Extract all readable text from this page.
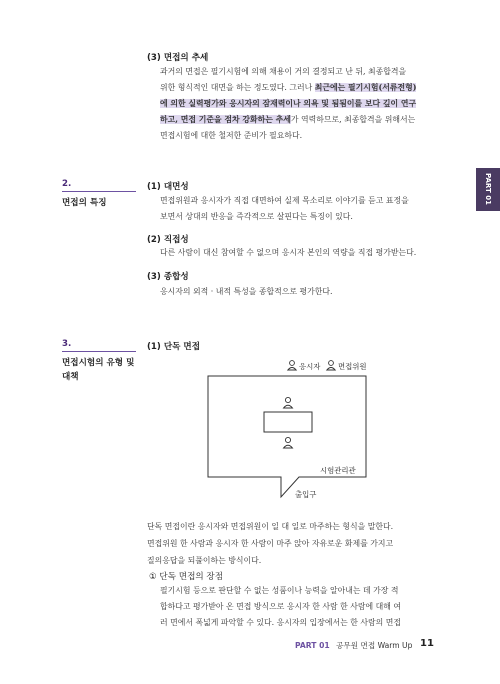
(3) 면접의 추세
과거의 면접은 필기시험에 의해 채용이 거의 결정되고 난 뒤, 최종합격을
위한 형식적인 대면을 하는 정도였다. 그러나 최근에는 필기시험(서류전형)
에 의한 실력평가와 응시자의 잠재력이나 의욕 및 됨됨이를 보다 깊이 연구
하고, 면접 기준을 점차 강화하는 추세가 역력하므로, 최종합격을 위해서는
면접시험에 대한 철저한 준비가 필요하다.
PART 01
2.
면접의 특징
(1) 대면성
면접위원과 응시자가 직접 대면하여 실제 목소리로 이야기를 듣고 표정을
보면서 상대의 반응을 즉각적으로 살핀다는 특징이 있다.
(2) 직접성
다른 사람이 대신 참여할 수 없으며 응시자 본인의 역량을 직접 평가받는다.
(3) 종합성
응시자의 외적 · 내적 특성을 종합적으로 평가한다.
3.
면접시험의 유형 및
대책
(1) 단독 면접
응시자 면접위원
시험관리관
출입구
단독 면접이란 응시자와 면접위원이 일 대 일로 마주하는 형식을 말한다.
면접위원 한 사람과 응시자 한 사람이 마주 앉아 자유로운 화제를 가지고
질의응답을 되풀이하는 방식이다.
① 단독 면접의 장점
필기시험 등으로 판단할 수 없는 성품이나 능력을 알아내는 데 가장 적
합하다고 평가받아 온 면접 방식으로 응시자 한 사람 한 사람에 대해 여
러 면에서 폭넓게 파악할 수 있다. 응시자의 입장에서는 한 사람의 면접
PART 01 공무원 면접 Warm Up 11
